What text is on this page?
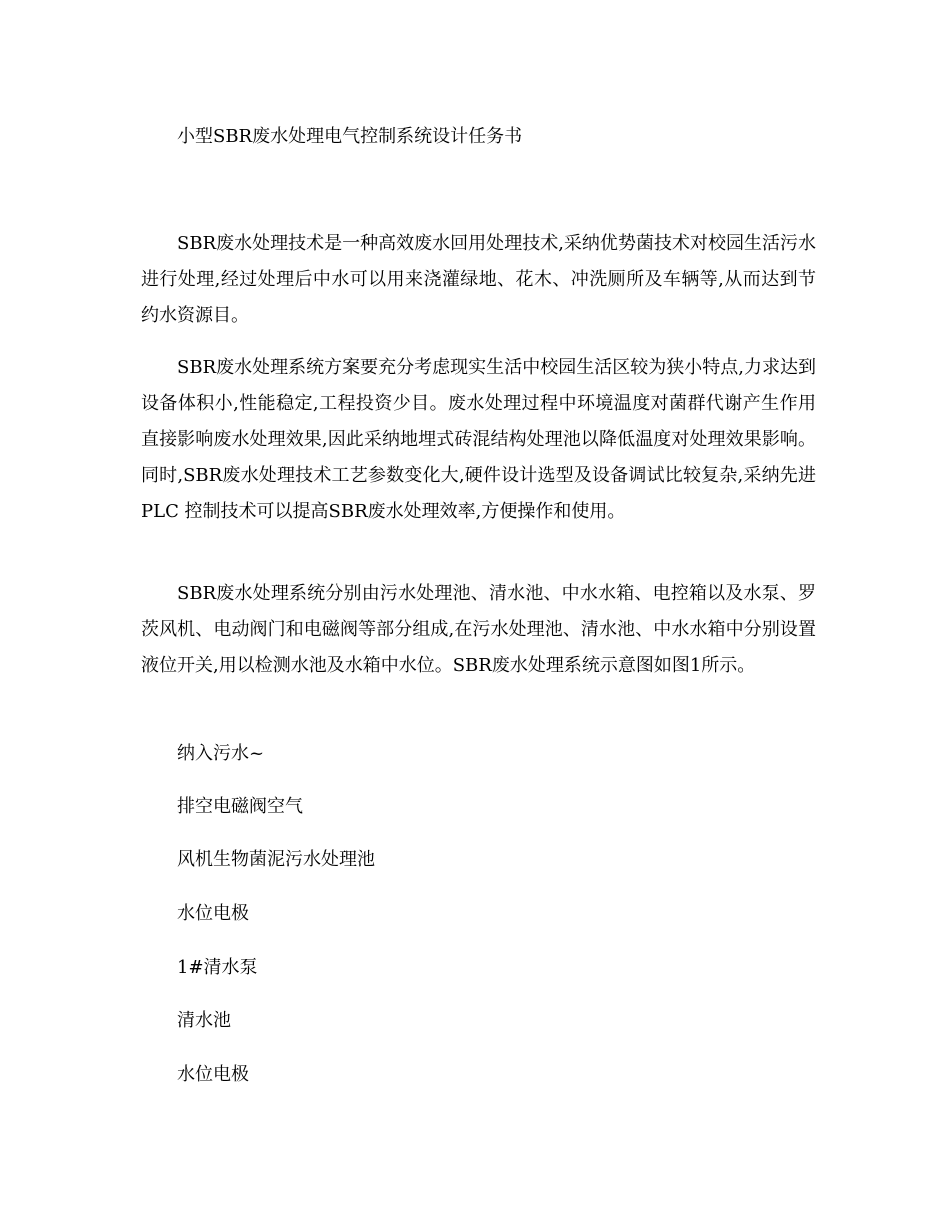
小型SBR废水处理电气控制系统设计任务书

SBR废水处理技术是一种高效废水回用处理技术,采纳优势菌技术对校园生活污水进行处理,经过处理后中水可以用来浇灌绿地、花木、冲洗厕所及车辆等,从而达到节约水资源目。

SBR废水处理系统方案要充分考虑现实生活中校园生活区较为狭小特点,力求达到设备体积小,性能稳定,工程投资少目。废水处理过程中环境温度对菌群代谢产生作用直接影响废水处理效果,因此采纳地埋式砖混结构处理池以降低温度对处理效果影响。同时,SBR废水处理技术工艺参数变化大,硬件设计选型及设备调试比较复杂,采纳先进PLC 控制技术可以提高SBR废水处理效率,方便操作和使用。

SBR废水处理系统分别由污水处理池、清水池、中水水箱、电控箱以及水泵、罗茨风机、电动阀门和电磁阀等部分组成,在污水处理池、清水池、中水水箱中分别设置液位开关,用以检测水池及水箱中水位。SBR废水处理系统示意图如图1所示。

纳入污水~
排空电磁阀空气
风机生物菌泥污水处理池
水位电极
1#清水泵
清水池
水位电极
